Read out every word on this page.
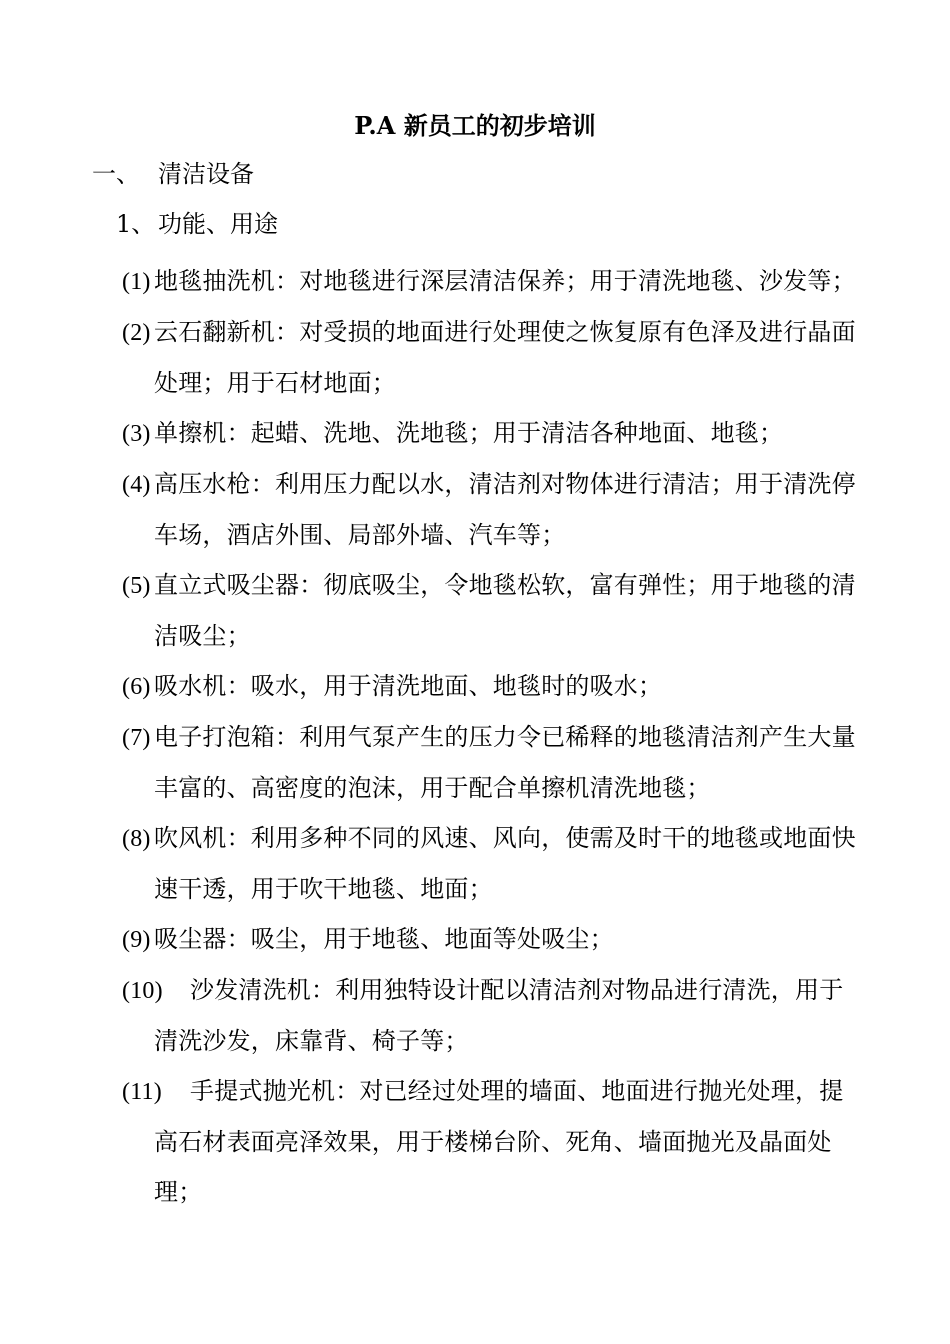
P.A 新员工的初步培训
一、 清洁设备
1、 功能、用途
(1) 地毯抽洗机：对地毯进行深层清洁保养；用于清洗地毯、沙发等；
(2) 云石翻新机：对受损的地面进行处理使之恢复原有色泽及进行晶面处理；用于石材地面；
(3) 单擦机：起蜡、洗地、洗地毯；用于清洁各种地面、地毯；
(4) 高压水枪：利用压力配以水，清洁剂对物体进行清洁；用于清洗停车场，酒店外围、局部外墙、汽车等；
(5) 直立式吸尘器：彻底吸尘，令地毯松软，富有弹性；用于地毯的清洁吸尘；
(6) 吸水机：吸水，用于清洗地面、地毯时的吸水；
(7) 电子打泡箱：利用气泵产生的压力令已稀释的地毯清洁剂产生大量丰富的、高密度的泡沫，用于配合单擦机清洗地毯；
(8) 吹风机：利用多种不同的风速、风向，使需及时干的地毯或地面快速干透，用于吹干地毯、地面；
(9) 吸尘器：吸尘，用于地毯、地面等处吸尘；
(10) 沙发清洗机：利用独特设计配以清洁剂对物品进行清洗，用于清洗沙发，床靠背、椅子等；
(11) 手提式抛光机：对已经过处理的墙面、地面进行抛光处理，提高石材表面亮泽效果，用于楼梯台阶、死角、墙面抛光及晶面处理；
